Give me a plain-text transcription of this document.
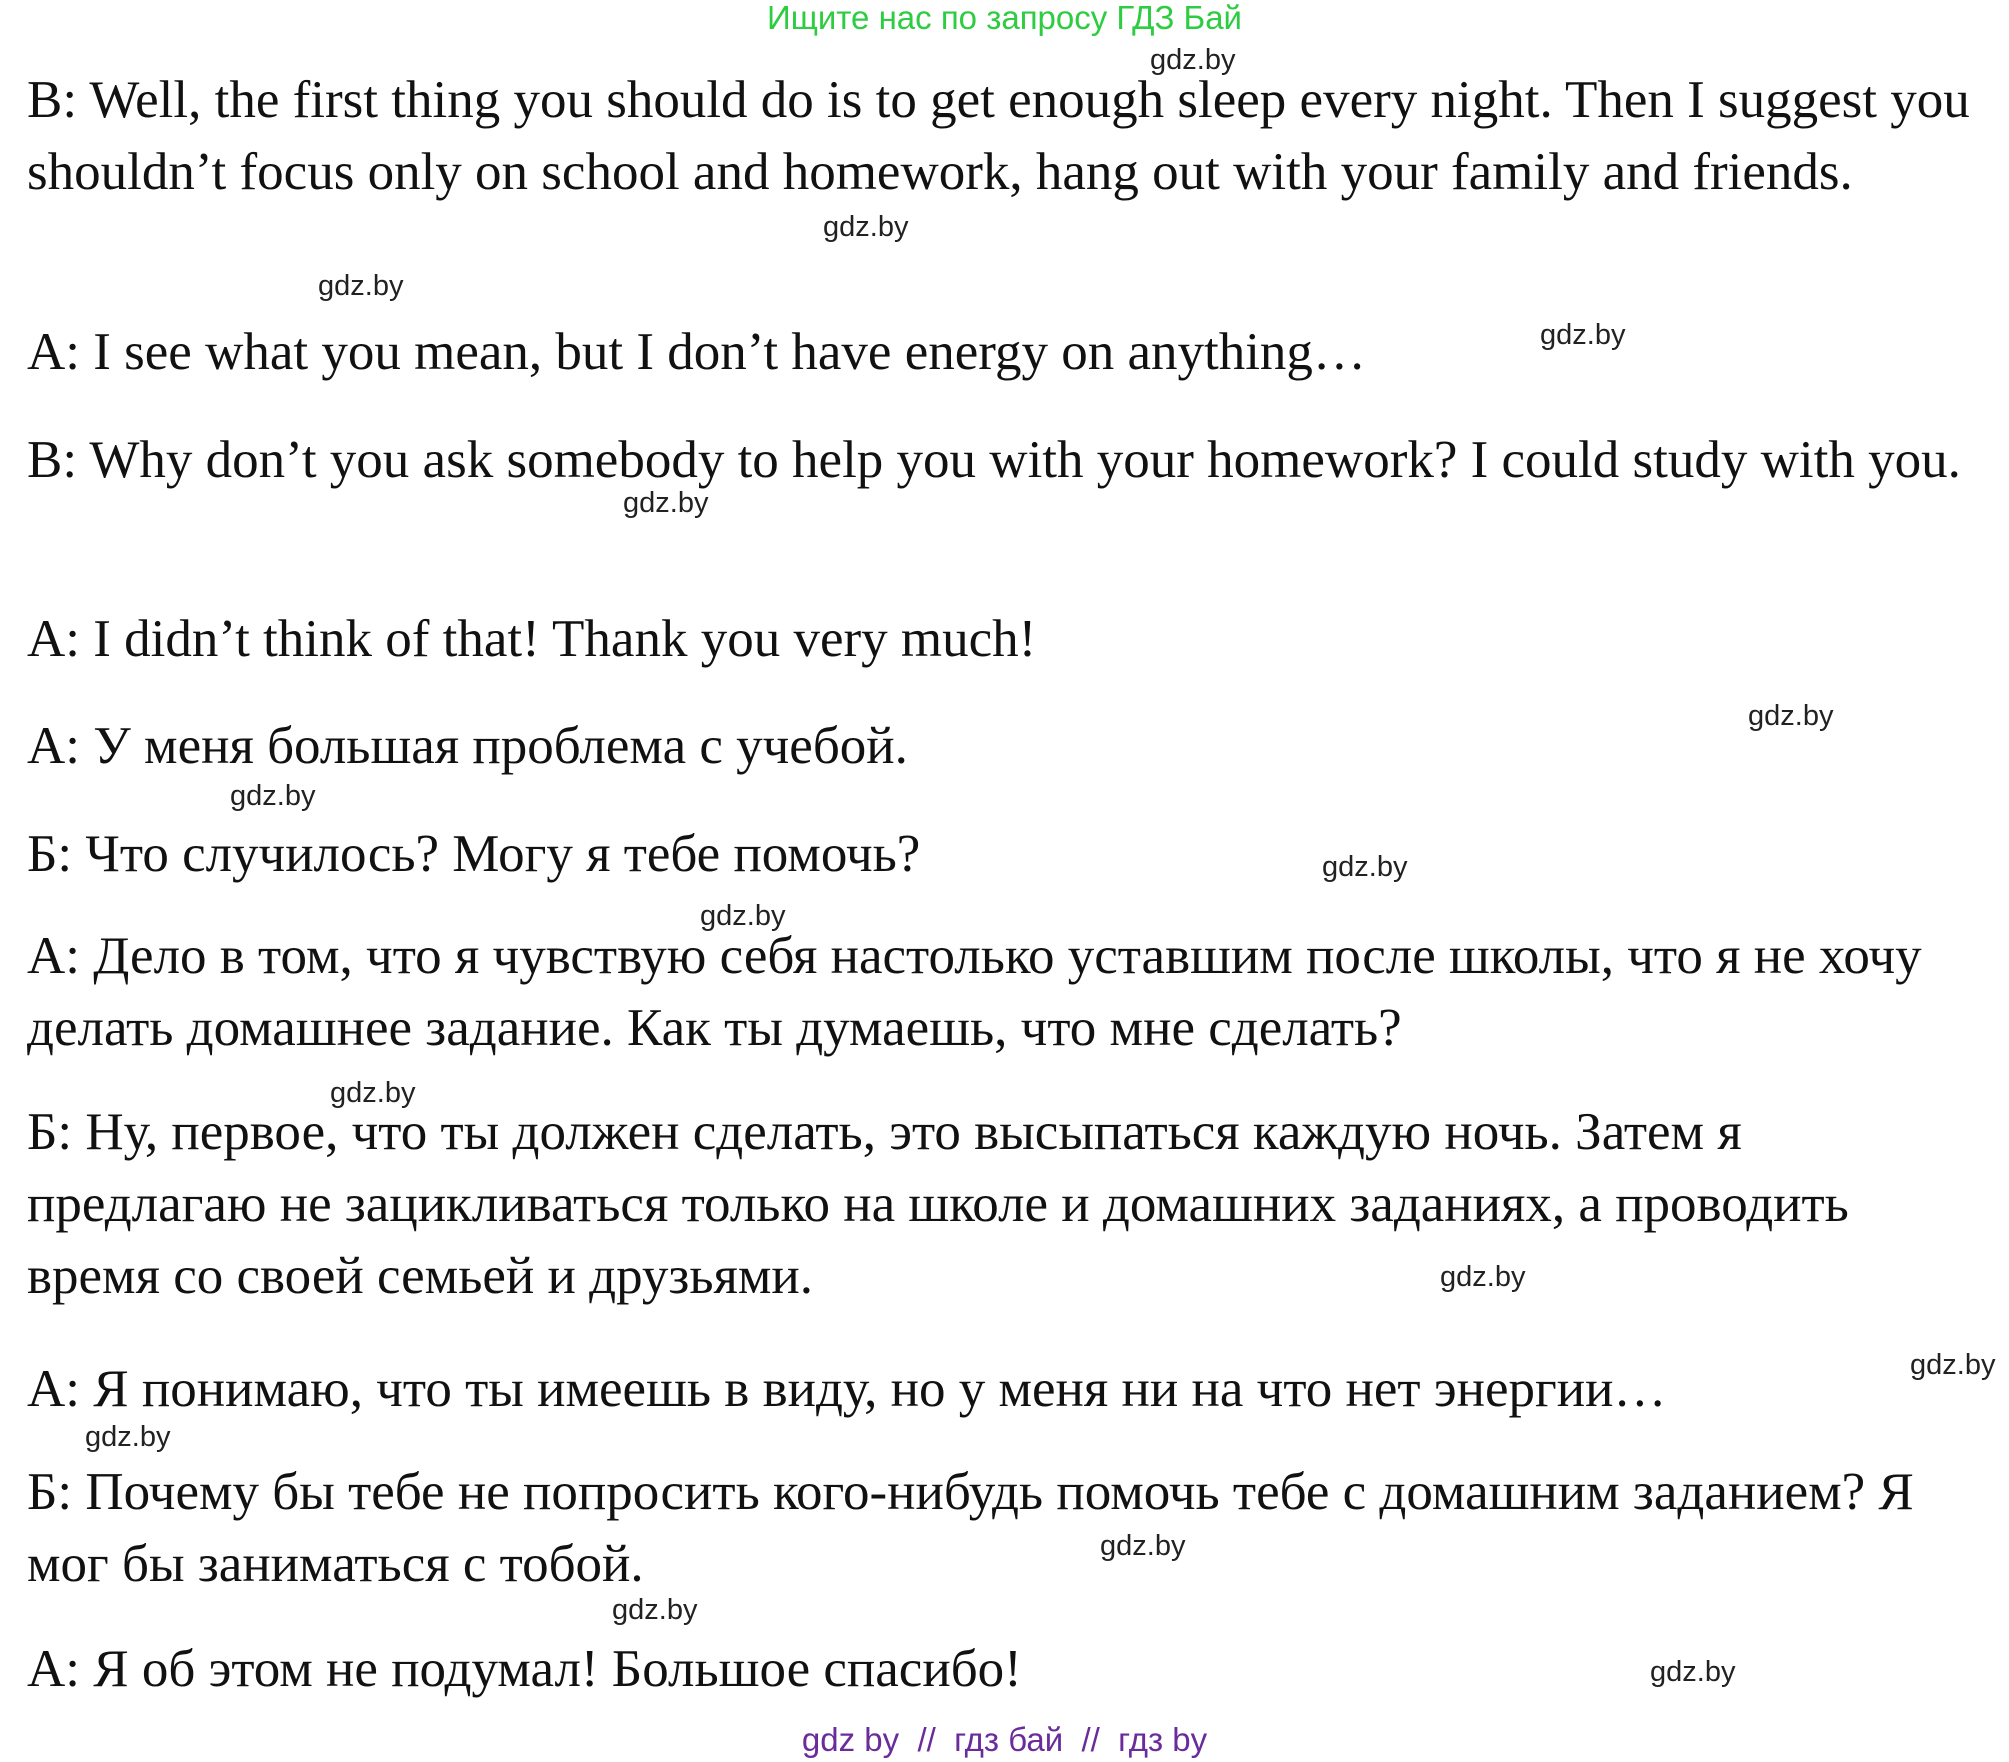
Ищите нас по запросу ГДЗ Бай

B: Well, the first thing you should do is to get enough sleep every night. Then I suggest you shouldn’t focus only on school and homework, hang out with your family and friends.

A: I see what you mean, but I don’t have energy on anything…

B: Why don’t you ask somebody to help you with your homework? I could study with you.

A: I didn’t think of that! Thank you very much!

А: У меня большая проблема с учебой.

Б: Что случилось? Могу я тебе помочь?

А: Дело в том, что я чувствую себя настолько уставшим после школы, что я не хочу делать домашнее задание. Как ты думаешь, что мне сделать?

Б: Ну, первое, что ты должен сделать, это высыпаться каждую ночь. Затем я предлагаю не зацикливаться только на школе и домашних заданиях, а проводить время со своей семьей и друзьями.

А: Я понимаю, что ты имеешь в виду, но у меня ни на что нет энергии…

Б: Почему бы тебе не попросить кого-нибудь помочь тебе с домашним заданием? Я мог бы заниматься с тобой.

А: Я об этом не подумал! Большое спасибо!

gdz.by
gdz.by
gdz.by
gdz.by
gdz.by
gdz.by
gdz.by
gdz.by
gdz.by
gdz.by
gdz.by
gdz.by
gdz.by
gdz.by
gdz.by
gdz.by
gdz by  //  гдз бай  //  гдз by
